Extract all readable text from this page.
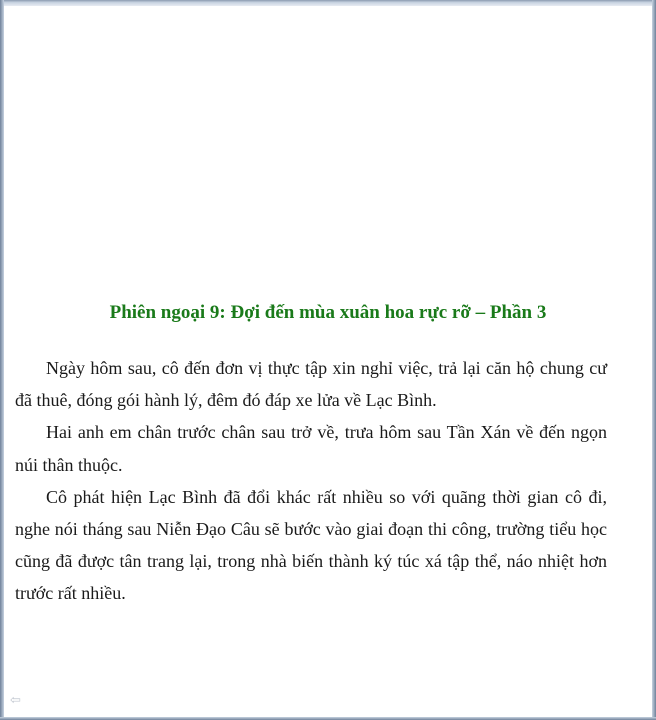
Phiên ngoại 9: Đợi đến mùa xuân hoa rực rỡ – Phần 3

Ngày hôm sau, cô đến đơn vị thực tập xin nghỉ việc, trả lại căn hộ chung cư đã thuê, đóng gói hành lý, đêm đó đáp xe lửa về Lạc Bình.

Hai anh em chân trước chân sau trở về, trưa hôm sau Tần Xán về đến ngọn núi thân thuộc.

Cô phát hiện Lạc Bình đã đổi khác rất nhiều so với quãng thời gian cô đi, nghe nói tháng sau Niễn Đạo Câu sẽ bước vào giai đoạn thi công, trường tiểu học cũng đã được tân trang lại, trong nhà biến thành ký túc xá tập thể, náo nhiệt hơn trước rất nhiều.

⇦
